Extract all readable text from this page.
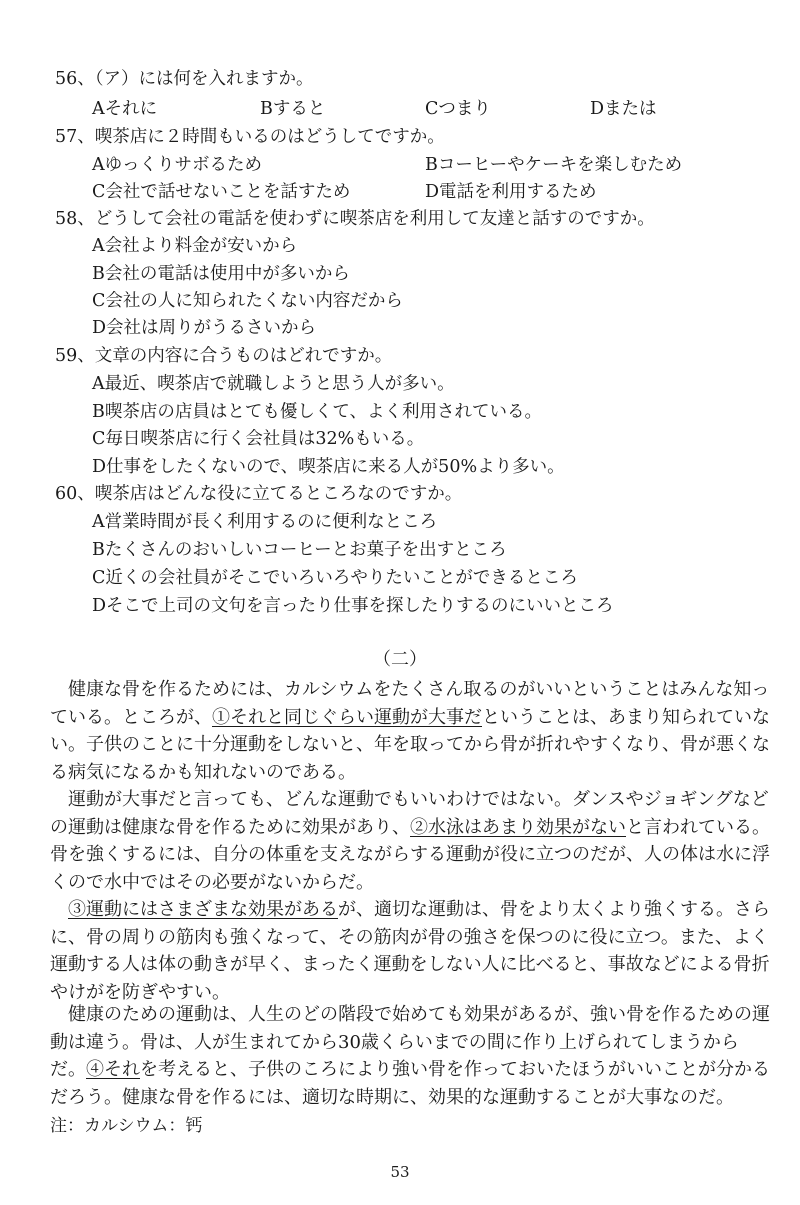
56、（ア）には何を入れますか。
Aそれに	Bすると	Cつまり	Dまたは
57、喫茶店に２時間もいるのはどうしてですか。
Aゆっくりサボるため	Bコーヒーやケーキを楽しむため
C会社で話せないことを話すため	D電話を利用するため
58、どうして会社の電話を使わずに喫茶店を利用して友達と話すのですか。
A会社より料金が安いから
B会社の電話は使用中が多いから
C会社の人に知られたくない内容だから
D会社は周りがうるさいから
59、文章の内容に合うものはどれですか。
A最近、喫茶店で就職しようと思う人が多い。
B喫茶店の店員はとても優しくて、よく利用されている。
C毎日喫茶店に行く会社員は32%もいる。
D仕事をしたくないので、喫茶店に来る人が50%より多い。
60、喫茶店はどんな役に立てるところなのですか。
A営業時間が長く利用するのに便利なところ
Bたくさんのおいしいコーヒーとお菓子を出すところ
C近くの会社員がそこでいろいろやりたいことができるところ
Dそこで上司の文句を言ったり仕事を探したりするのにいいところ
（二）

健康な骨を作るためには、カルシウムをたくさん取るのがいいということはみんな知っている。ところが、①それと同じぐらい運動が大事だということは、あまり知られていない。子供のことに十分運動をしないと、年を取ってから骨が折れやすくなり、骨が悪くなる病気になるかも知れないのである。

運動が大事だと言っても、どんな運動でもいいわけではない。ダンスやジョギングなどの運動は健康な骨を作るために効果があり、②水泳はあまり効果がないと言われている。骨を強くするには、自分の体重を支えながらする運動が役に立つのだが、人の体は水に浮くので水中ではその必要がないからだ。

③運動にはさまざまな効果があるが、適切な運動は、骨をより太くより強くする。さらに、骨の周りの筋肉も強くなって、その筋肉が骨の強さを保つのに役に立つ。また、よく運動する人は体の動きが早く、まったく運動をしない人に比べると、事故などによる骨折やけがを防ぎやすい。

健康のための運動は、人生のどの階段で始めても効果があるが、強い骨を作るための運動は違う。骨は、人が生まれてから30歳くらいまでの間に作り上げられてしまうからだ。④それを考えると、子供のころにより強い骨を作っておいたほうがいいことが分かるだろう。健康な骨を作るには、適切な時期に、効果的な運動することが大事なのだ。

注：カルシウム：钙
53
